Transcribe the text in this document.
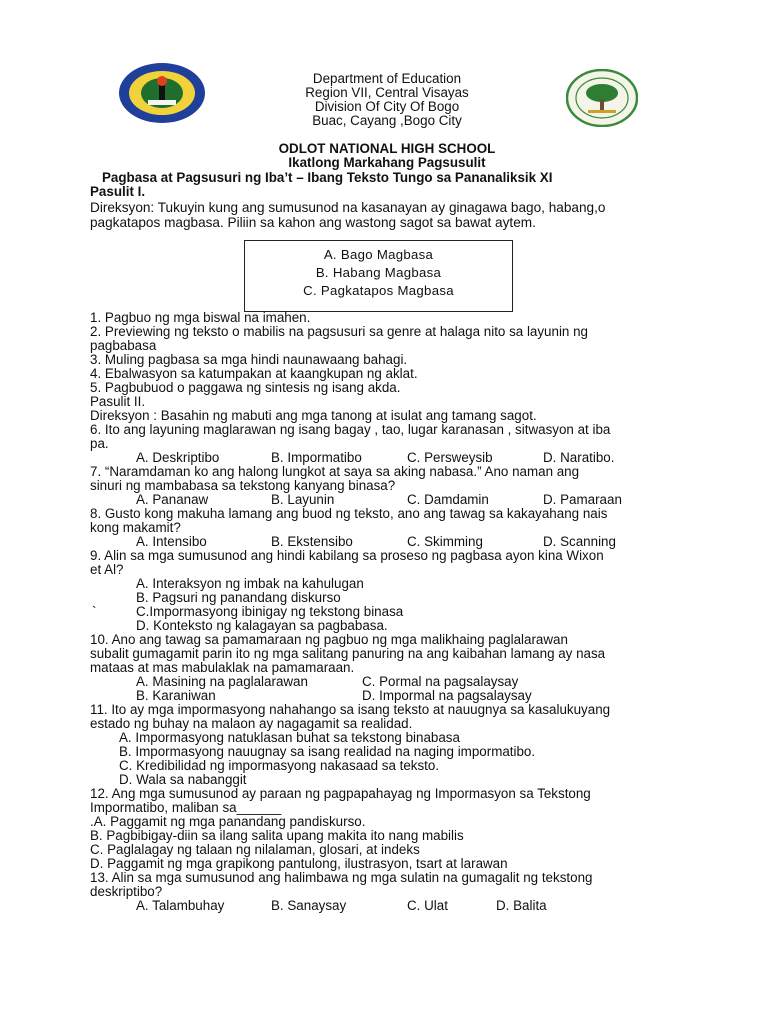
Department of Education
Region VII, Central Visayas
Division Of City Of Bogo
Buac, Cayang ,Bogo City
ODLOT NATIONAL HIGH SCHOOL
Ikatlong Markahang Pagsusulit
Pagbasa at Pagsusuri ng Iba’t – Ibang Teksto Tungo sa Pananaliksik XI
Pasulit I.
Direksyon: Tukuyin kung ang sumusunod na kasanayan ay ginagawa bago, habang,o
pagkatapos magbasa. Piliin sa kahon ang wastong sagot sa bawat aytem.
A. Bago Magbasa
B. Habang Magbasa
C. Pagkatapos Magbasa
1. Pagbuo ng mga biswal na imahen.
2. Previewing ng teksto o mabilis na pagsusuri sa genre at halaga nito sa layunin ng
pagbabasa
3. Muling pagbasa sa mga hindi naunawaang bahagi.
4. Ebalwasyon sa katumpakan at kaangkupan ng aklat.
5. Pagbubuod o paggawa ng sintesis ng isang akda.
Pasulit II.
Direksyon : Basahin ng mabuti ang mga tanong at isulat ang tamang sagot.
6. Ito ang layuning maglarawan ng isang bagay , tao, lugar karanasan , sitwasyon at iba
pa.
A. Deskriptibo	B. Impormatibo	C. Persweysib	D. Naratibo.
7. “Naramdaman ko ang halong lungkot at saya sa aking nabasa.” Ano naman ang
sinuri ng mambabasa sa tekstong kanyang binasa?
A. Pananaw	B. Layunin	C. Damdamin	D. Pamaraan
8. Gusto kong makuha lamang ang buod ng teksto, ano ang tawag sa kakayahang nais
kong makamit?
A. Intensibo	B. Ekstensibo	C. Skimming	D. Scanning
9. Alin sa mga sumusunod ang hindi kabilang sa proseso ng pagbasa ayon kina Wixon
et Al?
A. Interaksyon ng imbak na kahulugan
B. Pagsuri ng panandang diskurso
`	C.Impormasyong ibinigay ng tekstong binasa
D. Konteksto ng kalagayan sa pagbabasa.
10. Ano ang tawag sa pamamaraan ng pagbuo ng mga malikhaing paglalarawan
subalit gumagamit parin ito ng mga salitang panuring na ang kaibahan lamang ay nasa
mataas at mas mabulaklak na pamamaraan.
A. Masining na paglalarawan	C. Pormal na pagsalaysay
B. Karaniwan	D. Impormal na pagsalaysay
11. Ito ay mga impormasyong nahahango sa isang teksto at nauugnya sa kasalukuyang
estado ng buhay na malaon ay nagagamit sa realidad.
A. Impormasyong natuklasan buhat sa tekstong binabasa
B. Impormasyong nauugnay sa isang realidad na naging impormatibo.
C. Kredibilidad ng impormasyong nakasaad sa teksto.
D. Wala sa nabanggit
12. Ang mga sumusunod ay paraan ng pagpapahayag ng Impormasyon sa Tekstong
Impormatibo, maliban sa______
.A. Paggamit ng mga panandang pandiskurso.
B. Pagbibigay-diin sa ilang salita upang makita ito nang mabilis
C. Paglalagay ng talaan ng nilalaman, glosari, at indeks
D. Paggamit ng mga grapikong pantulong, ilustrasyon, tsart at larawan
13. Alin sa mga sumusunod ang halimbawa ng mga sulatin na gumagalit ng tekstong
deskriptibo?
A. Talambuhay	B. Sanaysay	C. Ulat	D. Balita
